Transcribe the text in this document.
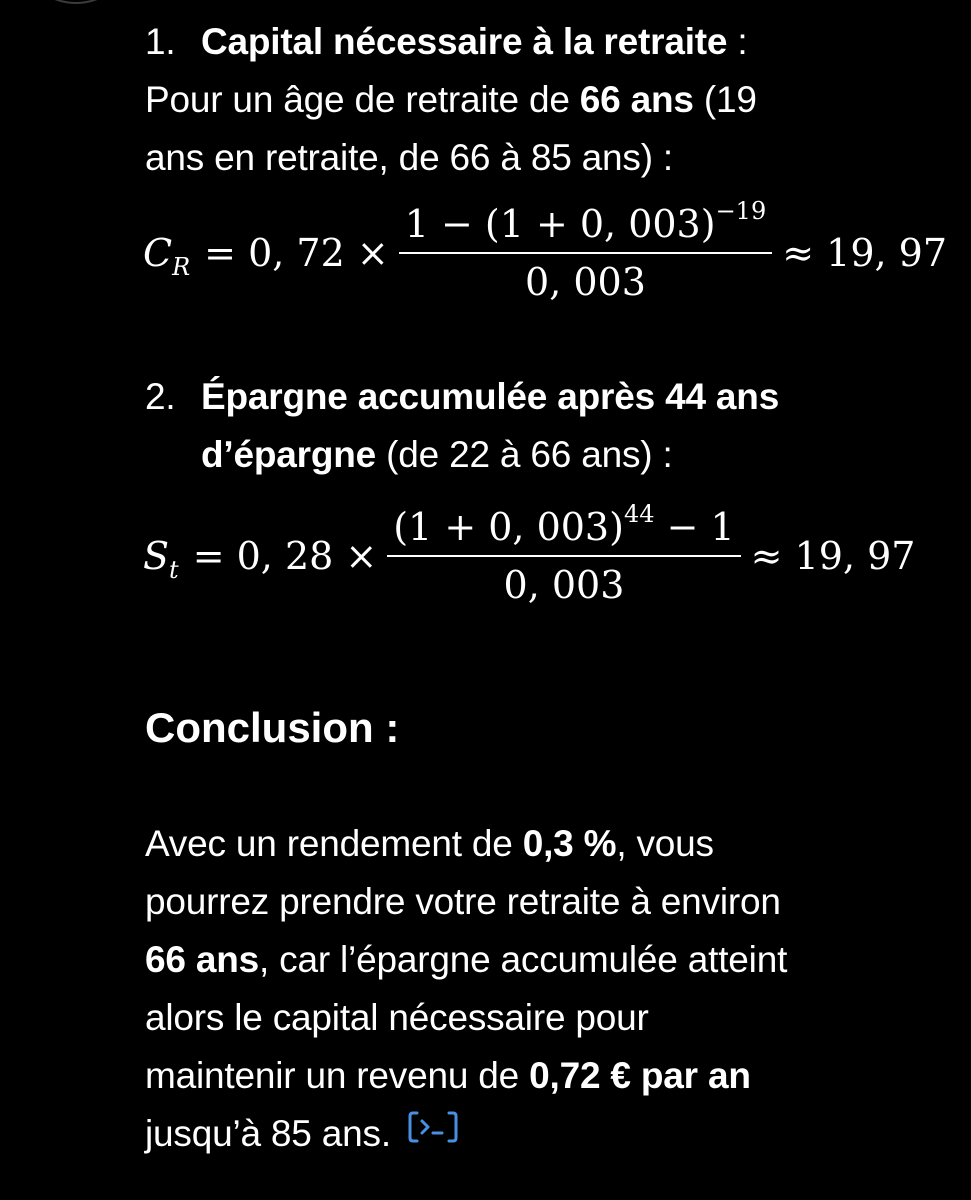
1. Capital nécessaire à la retraite :
Pour un âge de retraite de 66 ans (19
ans en retraite, de 66 à 85 ans) :
C R = 0, $72 \times \frac{1 - (1 + 0, 003)^{-19}}{0, 003} \approx 19$, 97
2. Épargne accumulée après 44 ans
d’épargne (de 22 à 66 ans) :
S t = 0, $28 \times \frac{(1 + 0, 003)^{44} - 1}{0, 003} \approx 19$, 97
Conclusion :
Avec un rendement de 0,3 %, vous
pourrez prendre votre retraite à environ
66 ans, car l’épargne accumulée atteint
alors le capital nécessaire pour
maintenir un revenu de 0,72 € par an
jusqu’à 85 ans.
